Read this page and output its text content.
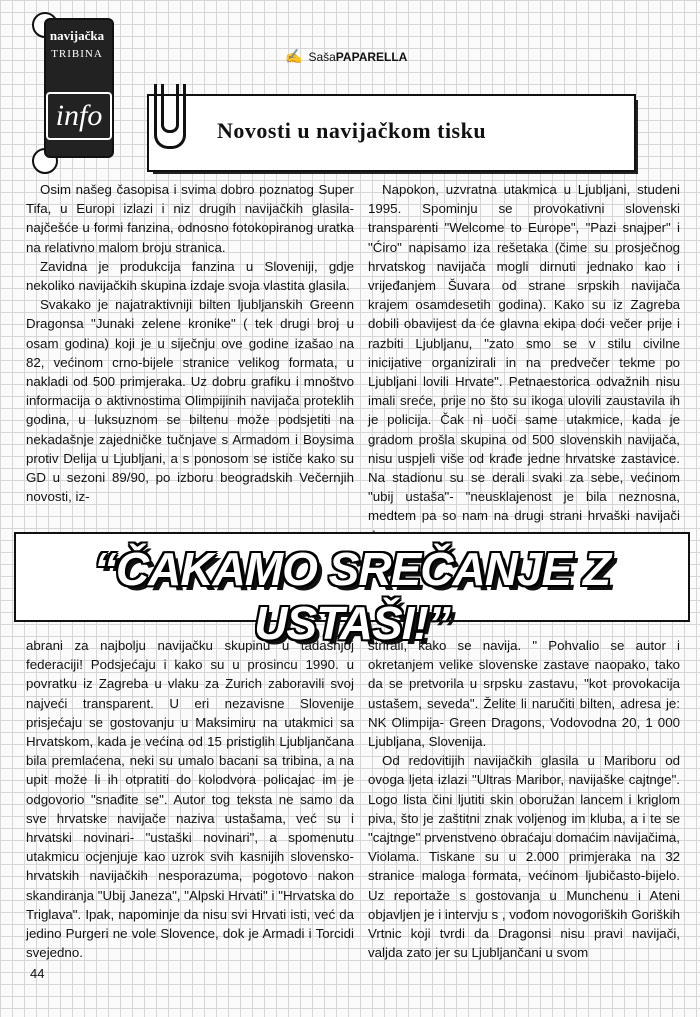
navijačka
TRIBINA
info
✍ SašaPAPARELLA
Novosti u navijačkom tisku

Osim našeg časopisa i svima dobro poznatog Super Tifa, u Europi izlazi i niz drugih navijačkih glasila- najčešće u formi fanzina, odnosno fotokopiranog uratka na relativno malom broju stranica.

Zavidna je produkcija fanzina u Sloveniji, gdje nekoliko navijačkih skupina izdaje svoja vlastita glasila.

Svakako je najatraktivniji bilten ljubljanskih Greenn Dragonsa "Junaki zelene kronike" ( tek drugi broj u osam godina) koji je u siječnju ove godine izašao na 82, većinom crno-bijele stranice velikog formata, u nakladi od 500 primjeraka. Uz dobru grafiku i mnoštvo informacija o aktivnostima Olimpijinih navijača proteklih godina, u luksuznom se biltenu može podsjetiti na nekadašnje zajedničke tučnjave s Armadom i Boysima protiv Delija u Ljubljani, a s ponosom se ističe kako su GD u sezoni 89/90, po izboru beogradskih Večernjih novosti, iz-

Napokon, uzvratna utakmica u Ljubljani, studeni 1995. Spominju se provokativni slovenski transparenti "Welcome to Europe", "Pazi snajper" i "Ćiro" napisamo iza rešetaka (čime su prosječnog hrvatskog navijača mogli dirnuti jednako kao i vrijeđanjem Šuvara od strane srpskih navijača krajem osamdesetih godina). Kako su iz Zagreba dobili obavijest da će glavna ekipa doći večer prije i razbiti Ljubljanu, "zato smo se v stilu civilne inicijative organizirali in na predvečer tekme po Ljubljani lovili Hrvate". Petnaestorica odvažnih nisu imali sreće, prije no što su ikoga ulovili zaustavila ih je policija. Čak ni uoči same utakmice, kada je gradom prošla skupina od 500 slovenskih navijača, nisu uspjeli više od krađe jedne hrvatske zastavice. Na stadionu su se derali svaki za sebe, većinom "ubij ustaša"- "neusklajenost je bila neznosna, medtem pa so nam na drugi strani hrvaški navijači

“ČAKAMO SREČANJE Z USTAŠI!”

abrani za najbolju navijačku skupinu u tadašnjoj federaciji! Podsjećaju i kako su u prosincu 1990. u povratku iz Zagreba u vlaku za Zurich zaboravili svoj najveći transparent. U eri nezavisne Slovenije prisjećaju se gostovanju u Maksimiru na utakmici sa Hrvatskom, kada je većina od 15 pristiglih Ljubljančana bila premlaćena, neki su umalo bacani sa tribina, a na upit može li ih otpratiti do kolodvora policajac im je odgovorio "snađite se". Autor tog teksta ne samo da sve hrvatske navijače naziva ustašama, već su i hrvatski novinari- "ustaški novinari", a spomenutu utakmicu ocjenjuje kao uzrok svih kasnijih slovensko-hrvatskih navijačkih nesporazuma, pogotovo nakon skandiranja "Ubij Janeza", "Alpski Hrvati" i "Hrvatska do Triglava". Ipak, napominje da nisu svi Hrvati isti, već da jedino Purgeri ne vole Slovence, dok je Armadi i Torcidi svejedno.

strirali, kako se navija. " Pohvalio se autor i okretanjem velike slovenske zastave naopako, tako da se pretvorila u srpsku zastavu, "kot provokacija ustašem, seveda". Želite li naručiti bilten, adresa je: NK Olimpija- Green Dragons, Vodovodna 20, 1 000 Ljubljana, Slovenija.

Od redovitijih navijačkih glasila u Mariboru od ovoga ljeta izlazi "Ultras Maribor, navijaške cajtnge". Logo lista čini ljutiti skin oboružan lancem i kriglom piva, što je zaštitni znak voljenog im kluba, a i te se "cajtnge" prvenstveno obraćaju domaćim navijačima, Violama. Tiskane su u 2.000 primjeraka na 32 stranice maloga formata, većinom ljubičasto-bijelo. Uz reportaže s gostovanja u Munchenu i Ateni objavljen je i intervju s , vođom novogoriških Goriških Vrtnic koji tvrdi da Dragonsi nisu pravi navijači, valjda zato jer su Ljubljančani u svom

44
